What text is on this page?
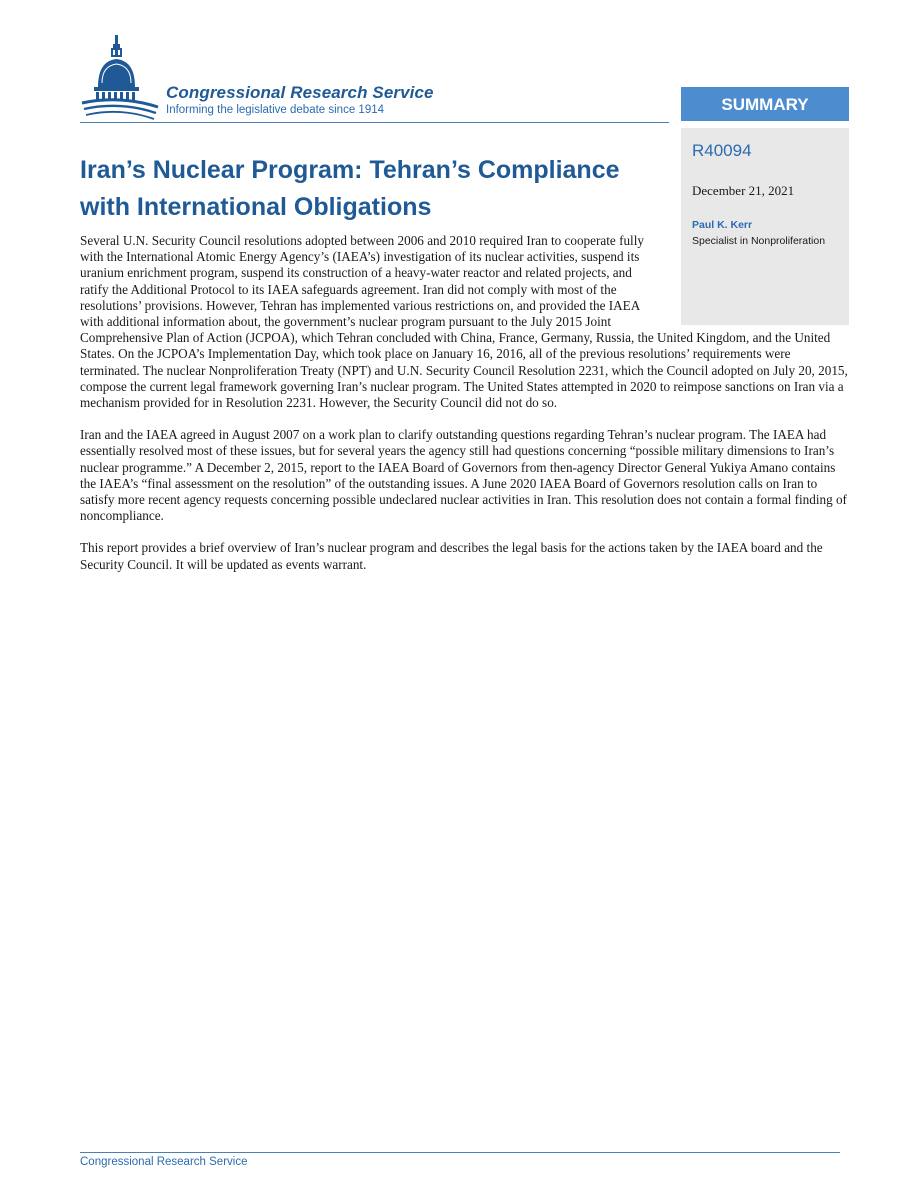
Congressional Research Service
Informing the legislative debate since 1914	SUMMARY
R40094
December 21, 2021
Paul K. Kerr
Specialist in Nonproliferation
Iran’s Nuclear Program: Tehran’s Compliance with International Obligations

Several U.N. Security Council resolutions adopted between 2006 and 2010 required Iran to cooperate fully with the International Atomic Energy Agency’s (IAEA’s) investigation of its nuclear activities, suspend its uranium enrichment program, suspend its construction of a heavy-water reactor and related projects, and ratify the Additional Protocol to its IAEA safeguards agreement. Iran did not comply with most of the resolutions’ provisions. However, Tehran has implemented various restrictions on, and provided the IAEA with additional information about, the government’s nuclear program pursuant to the July 2015 Joint Comprehensive Plan of Action (JCPOA), which Tehran concluded with China, France, Germany, Russia, the United Kingdom, and the United States. On the JCPOA’s Implementation Day, which took place on January 16, 2016, all of the previous resolutions’ requirements were terminated. The nuclear Nonproliferation Treaty (NPT) and U.N. Security Council Resolution 2231, which the Council adopted on July 20, 2015, compose the current legal framework governing Iran’s nuclear program. The United States attempted in 2020 to reimpose sanctions on Iran via a mechanism provided for in Resolution 2231. However, the Security Council did not do so.

Iran and the IAEA agreed in August 2007 on a work plan to clarify outstanding questions regarding Tehran’s nuclear program. The IAEA had essentially resolved most of these issues, but for several years the agency still had questions concerning “possible military dimensions to Iran’s nuclear programme.” A December 2, 2015, report to the IAEA Board of Governors from then-agency Director General Yukiya Amano contains the IAEA’s “final assessment on the resolution” of the outstanding issues. A June 2020 IAEA Board of Governors resolution calls on Iran to satisfy more recent agency requests concerning possible undeclared nuclear activities in Iran. This resolution does not contain a formal finding of noncompliance.

This report provides a brief overview of Iran’s nuclear program and describes the legal basis for the actions taken by the IAEA board and the Security Council. It will be updated as events warrant.

Congressional Research Service
